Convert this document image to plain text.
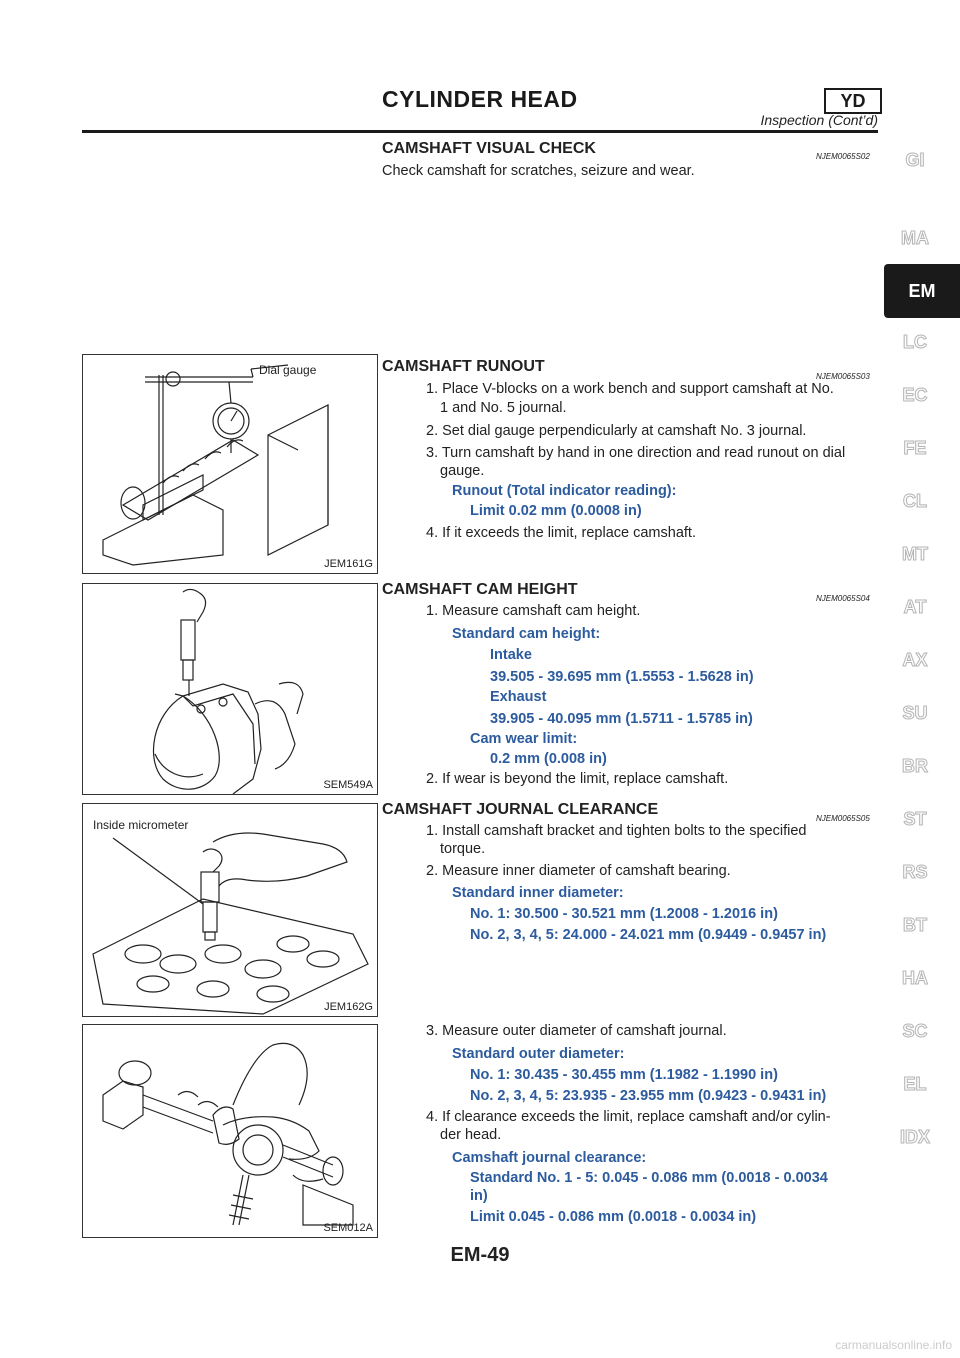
CYLINDER HEAD	YD
Inspection (Cont’d)
CAMSHAFT VISUAL CHECK	NJEM0065S02
Check camshaft for scratches, seizure and wear.
Dial gauge
JEM161G
CAMSHAFT RUNOUT
NJEM0065S03
1. Place V-blocks on a work bench and support camshaft at No.
1 and No. 5 journal.
2. Set dial gauge perpendicularly at camshaft No. 3 journal.
3. Turn camshaft by hand in one direction and read runout on dial
gauge.
Runout (Total indicator reading):
Limit 0.02 mm (0.0008 in)
4. If it exceeds the limit, replace camshaft.
SEM549A
CAMSHAFT CAM HEIGHT
NJEM0065S04
1. Measure camshaft cam height.
Standard cam height:
Intake
39.505 - 39.695 mm (1.5553 - 1.5628 in)
Exhaust
39.905 - 40.095 mm (1.5711 - 1.5785 in)
Cam wear limit:
0.2 mm (0.008 in)
2. If wear is beyond the limit, replace camshaft.
Inside micrometer
JEM162G
CAMSHAFT JOURNAL CLEARANCE
NJEM0065S05
1. Install camshaft bracket and tighten bolts to the specified
torque.
2. Measure inner diameter of camshaft bearing.
Standard inner diameter:
No. 1: 30.500 - 30.521 mm (1.2008 - 1.2016 in)
No. 2, 3, 4, 5: 24.000 - 24.021 mm (0.9449 - 0.9457 in)
SEM012A
3. Measure outer diameter of camshaft journal.
Standard outer diameter:
No. 1: 30.435 - 30.455 mm (1.1982 - 1.1990 in)
No. 2, 3, 4, 5: 23.935 - 23.955 mm (0.9423 - 0.9431 in)
4. If clearance exceeds the limit, replace camshaft and/or cylin-
der head.
Camshaft journal clearance:
Standard No. 1 - 5: 0.045 - 0.086 mm (0.0018 - 0.0034
in)
Limit 0.045 - 0.086 mm (0.0018 - 0.0034 in)
GI
MA
EM
LC
EC
FE
CL
MT
AT
AX
SU
BR
ST
RS
BT
HA
SC
EL
IDX
EM-49
carmanualsonline.info
